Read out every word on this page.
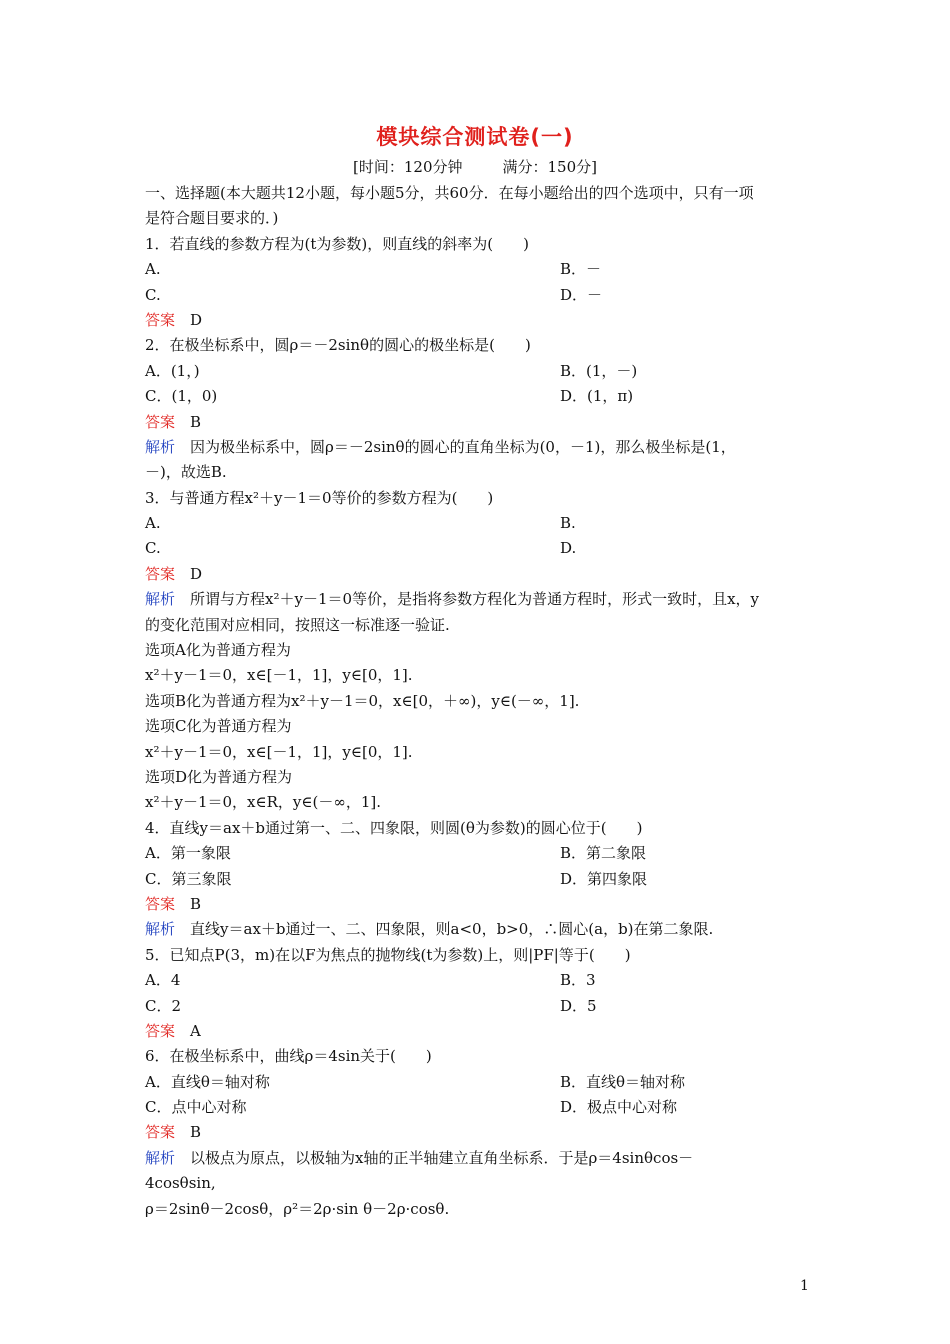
模块综合测试卷(一)
[时间：120分钟	满分：150分]
一、选择题(本大题共12小题，每小题5分，共60分．在每小题给出的四个选项中，只有一项
是符合题目要求的．)
1．若直线的参数方程为(t为参数)，则直线的斜率为(　　)
A.	B．－
C.	D．－
答案　 D
2．在极坐标系中，圆ρ＝－2sinθ的圆心的极坐标是(　　)
A．(1，)	B．(1，－)
C．(1，0)	D．(1，π)
答案　 B
解析　 因为极坐标系中，圆ρ＝－2sinθ的圆心的直角坐标为(0，－1)，那么极坐标是(1，
－)，故选B.
3．与普通方程x²＋y－1＝0等价的参数方程为(　　)
A.	B.
C.	D.
答案　 D
解析　 所谓与方程x²＋y－1＝0等价，是指将参数方程化为普通方程时，形式一致时，且x，y
的变化范围对应相同，按照这一标准逐一验证.
选项A化为普通方程为
x²＋y－1＝0，x∈[－1，1]，y∈[0，1].
选项B化为普通方程为x²＋y－1＝0，x∈[0，＋∞)，y∈(－∞，1].
选项C化为普通方程为
x²＋y－1＝0，x∈[－1，1]，y∈[0，1].
选项D化为普通方程为
x²＋y－1＝0，x∈R，y∈(－∞，1].
4．直线y＝ax＋b通过第一、二、四象限，则圆(θ为参数)的圆心位于(　　)
A．第一象限	B．第二象限
C．第三象限	D．第四象限
答案　 B
解析　 直线y＝ax＋b通过一、二、四象限，则a<0，b>0，∴圆心(a，b)在第二象限.
5．已知点P(3，m)在以F为焦点的抛物线(t为参数)上，则|PF|等于(　　)
A．4	B．3
C．2	D．5
答案　 A
6．在极坐标系中，曲线ρ＝4sin关于(　　)
A．直线θ＝轴对称	B．直线θ＝轴对称
C．点中心对称	D．极点中心对称
答案　 B
解析　 以极点为原点，以极轴为x轴的正半轴建立直角坐标系．于是ρ＝4sinθcos－
4cosθsin,
ρ＝2sinθ－2cosθ，ρ²＝2ρ·sin θ－2ρ·cosθ.
1
